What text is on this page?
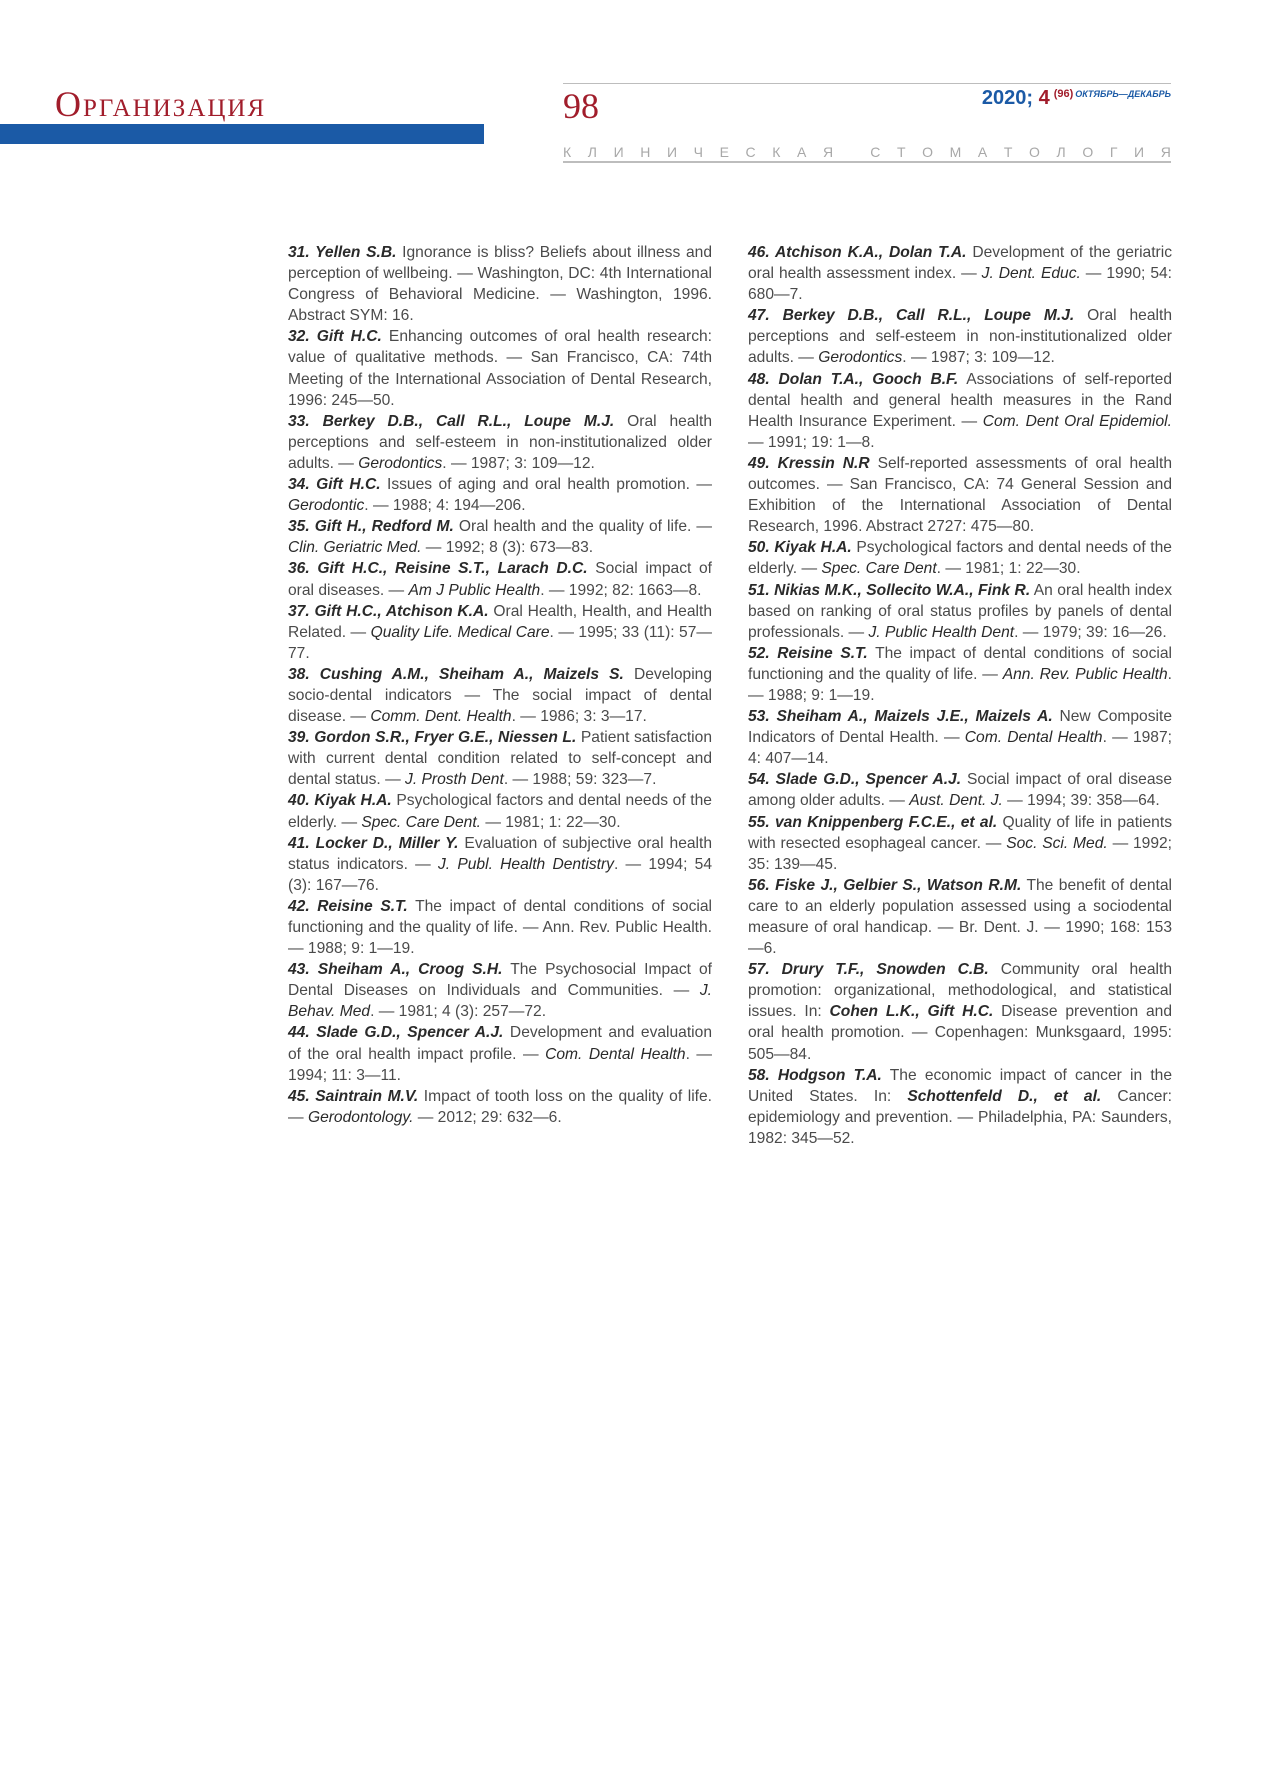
Организация	98	2020; 4 $^{(96)}$ $^{ОКТЯБРЬ—ДЕКАБРЬ}$
К Л И Н И Ч Е С К А Я
	С Т О М А Т О Л О Г И Я

31. Yellen S.B. Ignorance is bliss? Beliefs about illness and perception of wellbeing. — Washington, DC: 4th International Congress of Behavioral Medicine. — Washington, 1996. Abstract SYM: 16.

32. Gift H.C. Enhancing outcomes of oral health research: value of qualitative methods. — San Francisco, CA: 74th Meeting of the International Association of Dental Research, 1996: 245—50.

33. Berkey D.B., Call R.L., Loupe M.J. Oral health perceptions and self-esteem in non-institutionalized older adults. — Gerodontics. — 1987; 3: 109—12.

34. Gift H.C. Issues of aging and oral health promotion. — Gerodontic. — 1988; 4: 194—206.

35. Gift H., Redford M. Oral health and the quality of life. — Clin. Geriatric Med. — 1992; 8 (3): 673—83.

36. Gift H.C., Reisine S.T., Larach D.C. Social impact of oral diseases. — Am J Public Health. — 1992; 82: 1663—8.

37. Gift H.C., Atchison K.A. Oral Health, Health, and Health Related. — Quality Life. Medical Care. — 1995; 33 (11): 57—77.

38. Cushing A.M., Sheiham A., Maizels S. Developing socio-dental indicators — The social impact of dental disease. — Comm. Dent. Health. — 1986; 3: 3—17.

39. Gordon S.R., Fryer G.E., Niessen L. Patient satisfaction with current dental condition related to self-concept and dental status. — J. Prosth Dent. — 1988; 59: 323—7.

40. Kiyak H.A. Psychological factors and dental needs of the elderly. — Spec. Care Dent. — 1981; 1: 22—30.

41. Locker D., Miller Y. Evaluation of subjective oral health status indicators. — J. Publ. Health Dentistry. — 1994; 54 (3): 167—76.

42. Reisine S.T. The impact of dental conditions of social functioning and the quality of life. — Ann. Rev. Public Health. — 1988; 9: 1—19.

43. Sheiham A., Croog S.H. The Psychosocial Impact of Dental Diseases on Individuals and Communities. — J. Behav. Med. — 1981; 4 (3): 257—72.

44. Slade G.D., Spencer A.J. Development and evaluation of the oral health impact profile. — Com. Dental Health. — 1994; 11: 3—11.

45. Saintrain M.V. Impact of tooth loss on the quality of life. — Gerodontology. — 2012; 29: 632—6.

46. Atchison K.A., Dolan T.A. Development of the geriatric oral health assessment index. — J. Dent. Educ. — 1990; 54: 680—7.

47. Berkey D.B., Call R.L., Loupe M.J. Oral health perceptions and self-esteem in non-institutionalized older adults. — Gerodontics. — 1987; 3: 109—12.

48. Dolan T.A., Gooch B.F. Associations of self-reported dental health and general health measures in the Rand Health Insurance Experiment. — Com. Dent Oral Epidemiol. — 1991; 19: 1—8.

49. Kressin N.R Self-reported assessments of oral health outcomes. — San Francisco, CA: 74 General Session and Exhibition of the International Association of Dental Research, 1996. Abstract 2727: 475—80.

50. Kiyak H.A. Psychological factors and dental needs of the elderly. — Spec. Care Dent. — 1981; 1: 22—30.

51. Nikias M.K., Sollecito W.A., Fink R. An oral health index based on ranking of oral status profiles by panels of dental professionals. — J. Public Health Dent. — 1979; 39: 16—26.

52. Reisine S.T. The impact of dental conditions of social functioning and the quality of life. — Ann. Rev. Public Health. — 1988; 9: 1—19.

53. Sheiham A., Maizels J.E., Maizels A. New Composite Indicators of Dental Health. — Com. Dental Health. — 1987; 4: 407—14.

54. Slade G.D., Spencer A.J. Social impact of oral disease among older adults. — Aust. Dent. J. — 1994; 39: 358—64.

55. van Knippenberg F.C.E., et al. Quality of life in patients with resected esophageal cancer. — Soc. Sci. Med. — 1992; 35: 139—45.

56. Fiske J., Gelbier S., Watson R.M. The benefit of dental care to an elderly population assessed using a sociodental measure of oral handicap. — Br. Dent. J. — 1990; 168: 153—6.

57. Drury T.F., Snowden C.B. Community oral health promotion: organizational, methodological, and statistical issues. In: Cohen L.K., Gift H.C. Disease prevention and oral health promotion. — Copenhagen: Munksgaard, 1995: 505—84.

58. Hodgson T.A. The economic impact of cancer in the United States. In: Schottenfeld D., et al. Cancer: epidemiology and prevention. — Philadelphia, PA: Saunders, 1982: 345—52.
